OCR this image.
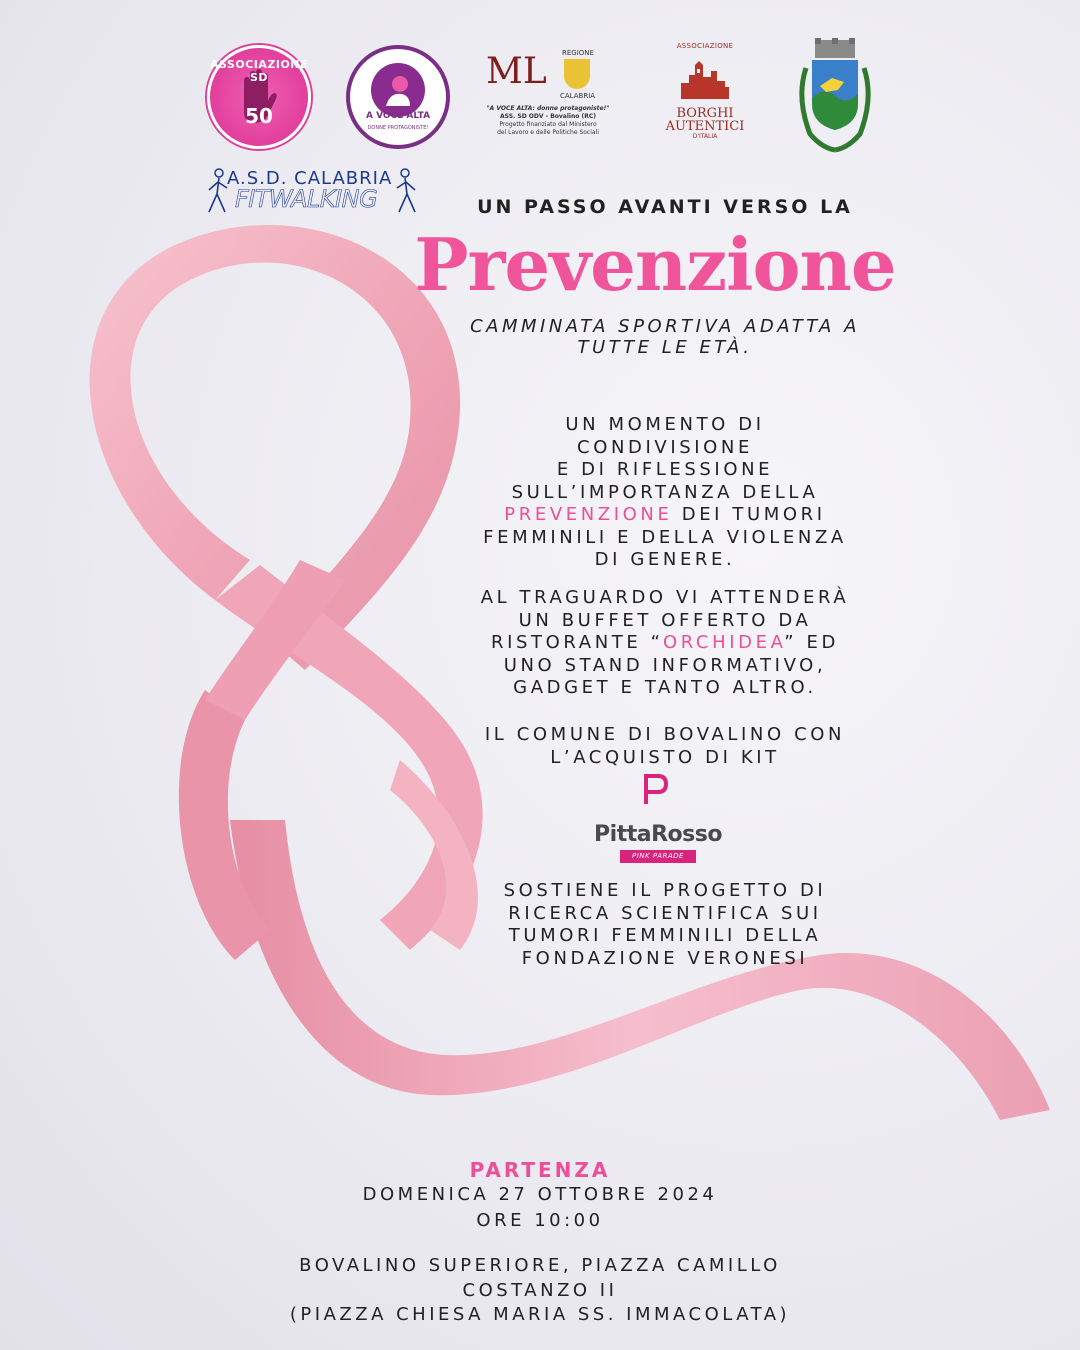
ASSOCIAZIONE SD
50	A VOCE ALTA
DONNE PROTAGONISTE!
ML REGIONE
CALABRIA
"A VOCE ALTA: donne protagoniste!"
ASS. SD ODV - Bovalino (RC)
Progetto finanziato dal Ministero
del Lavoro e delle Politiche Sociali
ASSOCIAZIONE
BORGHI
AUTENTICI
D'ITALIA
A.S.D. CALABRIA
FITWALKING	UN PASSO AVANTI VERSO LA
Prevenzione
CAMMINATA SPORTIVA ADATTA A
TUTTE LE ETÀ.
UN MOMENTO DI
CONDIVISIONE
E DI RIFLESSIONE
SULL’IMPORTANZA DELLA
PREVENZIONE DEI TUMORI
FEMMINILI E DELLA VIOLENZA
DI GENERE.
AL TRAGUARDO VI ATTENDERÀ
UN BUFFET OFFERTO DA
RISTORANTE “ORCHIDEA” ED
UNO STAND INFORMATIVO,
GADGET E TANTO ALTRO.
IL COMUNE DI BOVALINO CON
L’ACQUISTO DI KIT
PittaRosso
PINK PARADE
SOSTIENE IL PROGETTO DI
RICERCA SCIENTIFICA SUI
TUMORI FEMMINILI DELLA
FONDAZIONE VERONESI
PARTENZA
DOMENICA 27 OTTOBRE 2024
ORE 10:00
BOVALINO SUPERIORE, PIAZZA CAMILLO
COSTANZO II
(PIAZZA CHIESA MARIA SS. IMMACOLATA)
